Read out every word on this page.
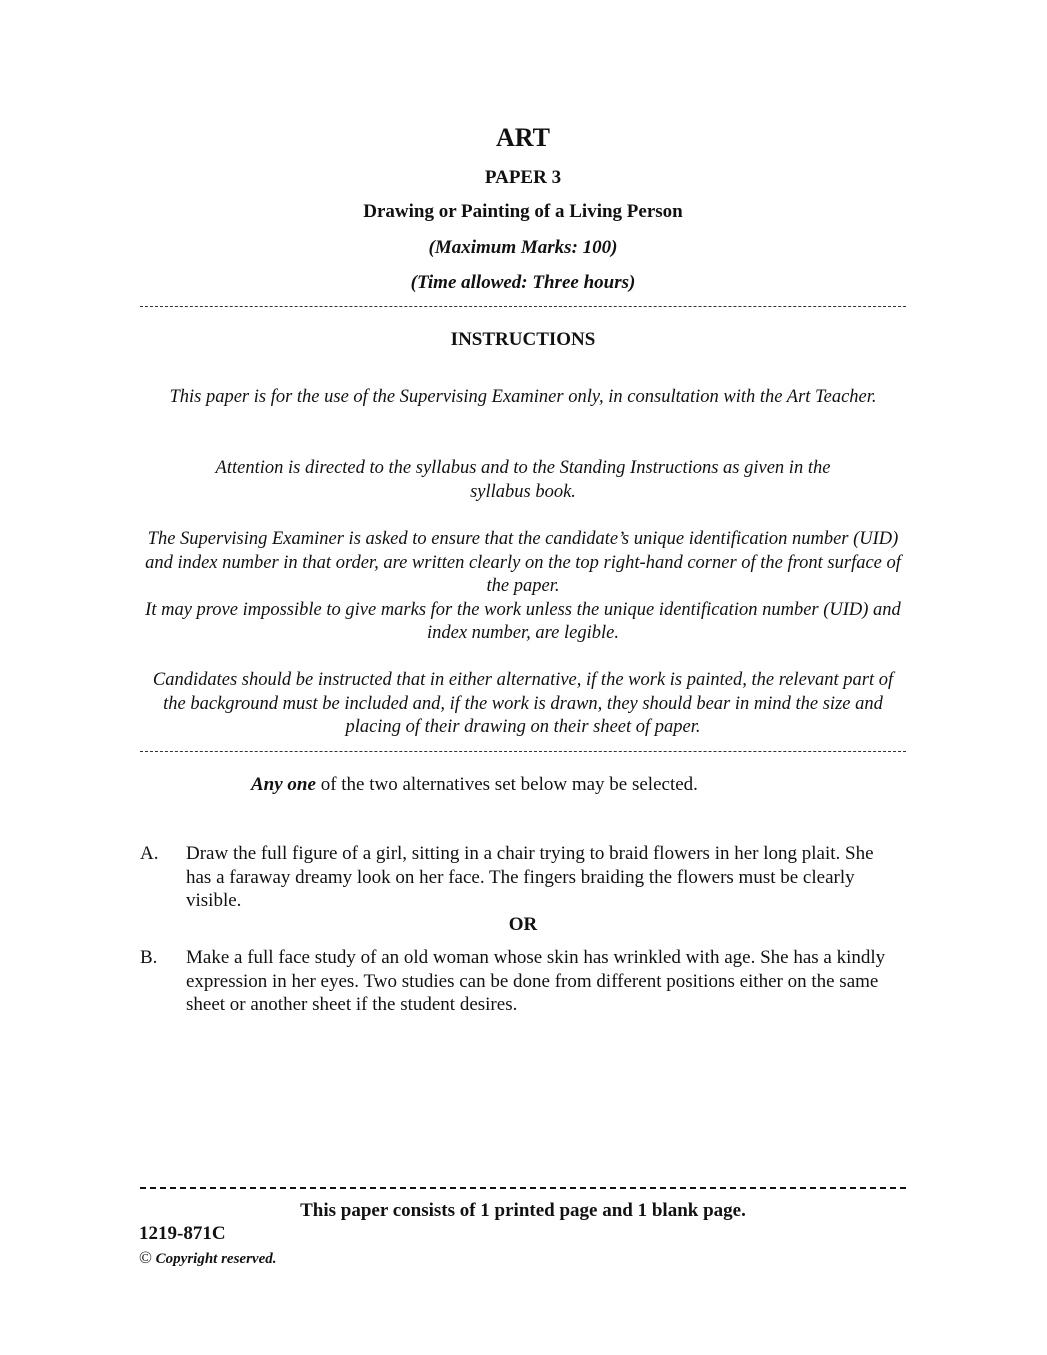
ART
PAPER 3
Drawing or Painting of a Living Person
(Maximum Marks: 100)
(Time allowed: Three hours)
INSTRUCTIONS
This paper is for the use of the Supervising Examiner only, in consultation with the Art Teacher.
Attention is directed to the syllabus and to the Standing Instructions as given in the syllabus book.
The Supervising Examiner is asked to ensure that the candidate’s unique identification number (UID) and index number in that order, are written clearly on the top right-hand corner of the front surface of the paper.
It may prove impossible to give marks for the work unless the unique identification number (UID) and index number, are legible.
Candidates should be instructed that in either alternative, if the work is painted, the relevant part of the background must be included and, if the work is drawn, they should bear in mind the size and placing of their drawing on their sheet of paper.
Any one of the two alternatives set below may be selected.
A.	Draw the full figure of a girl, sitting in a chair trying to braid flowers in her long plait. She has a faraway dreamy look on her face. The fingers braiding the flowers must be clearly visible.
OR
B.	Make a full face study of an old woman whose skin has wrinkled with age. She has a kindly expression in her eyes. Two studies can be done from different positions either on the same sheet or another sheet if the student desires.
This paper consists of 1 printed page and 1 blank page.
1219-871C
© Copyright reserved.
